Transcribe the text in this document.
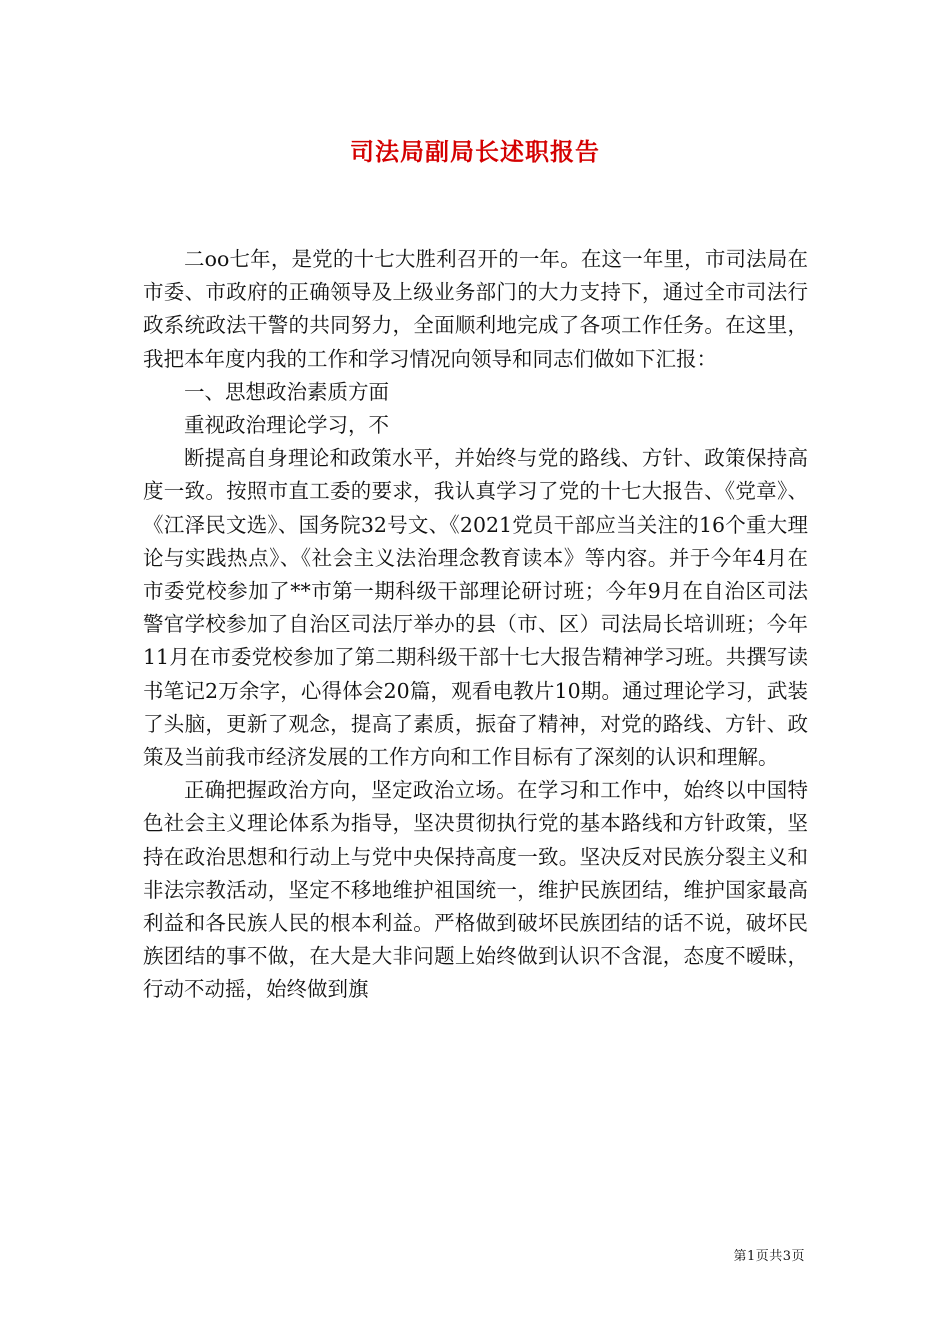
司法局副局长述职报告

二oo七年，是党的十七大胜利召开的一年。在这一年里，市司法局在市委、市政府的正确领导及上级业务部门的大力支持下，通过全市司法行政系统政法干警的共同努力，全面顺利地完成了各项工作任务。在这里，我把本年度内我的工作和学习情况向领导和同志们做如下汇报：

一、思想政治素质方面

重视政治理论学习，不

断提高自身理论和政策水平，并始终与党的路线、方针、政策保持高度一致。按照市直工委的要求，我认真学习了党的十七大报告、《党章》、《江泽民文选》、国务院32号文、《2021党员干部应当关注的16个重大理论与实践热点》、《社会主义法治理念教育读本》等内容。并于今年4月在市委党校参加了**市第一期科级干部理论研讨班；今年9月在自治区司法警官学校参加了自治区司法厅举办的县（市、区）司法局长培训班；今年11月在市委党校参加了第二期科级干部十七大报告精神学习班。共撰写读书笔记2万余字，心得体会20篇，观看电教片10期。通过理论学习，武装了头脑，更新了观念，提高了素质，振奋了精神，对党的路线、方针、政策及当前我市经济发展的工作方向和工作目标有了深刻的认识和理解。

正确把握政治方向，坚定政治立场。在学习和工作中，始终以中国特色社会主义理论体系为指导，坚决贯彻执行党的基本路线和方针政策，坚持在政治思想和行动上与党中央保持高度一致。坚决反对民族分裂主义和非法宗教活动，坚定不移地维护祖国统一，维护民族团结，维护国家最高利益和各民族人民的根本利益。严格做到破坏民族团结的话不说，破坏民族团结的事不做，在大是大非问题上始终做到认识不含混，态度不暧昧，行动不动摇，始终做到旗

第1页共3页
